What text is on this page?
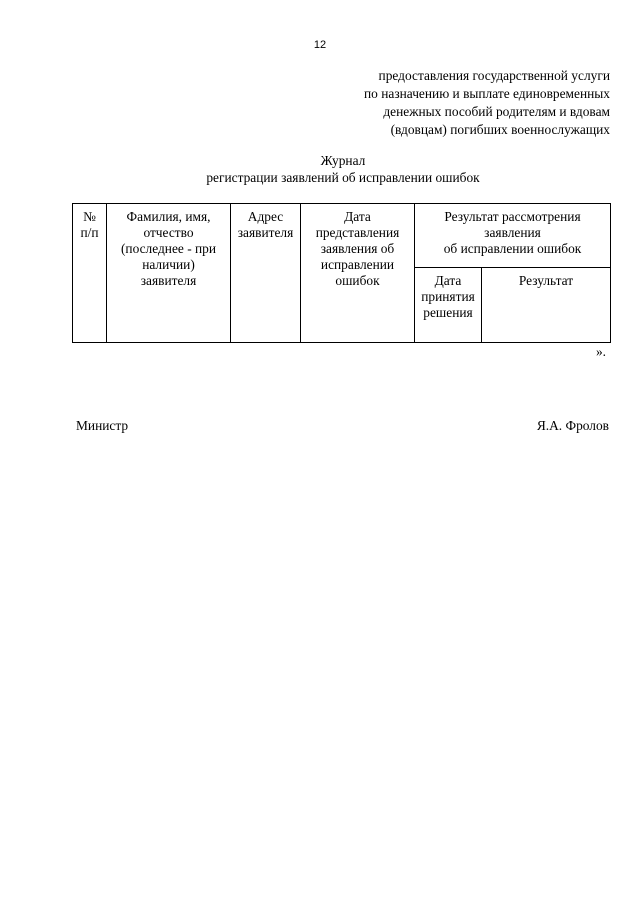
12
предоставления государственной услуги
по назначению и выплате единовременных
денежных пособий родителям и вдовам
(вдовцам) погибших военнослужащих
Журнал
регистрации заявлений об исправлении ошибок
№
п/п	Фамилия, имя,
отчество
(последнее - при
наличии)
заявителя	Адрес
заявителя	Дата
представления
заявления об
исправлении
ошибок	Результат рассмотрения
заявления
об исправлении ошибок	

				Дата
принятия
решения	Результат
».
Министр	Я.А. Фролов
